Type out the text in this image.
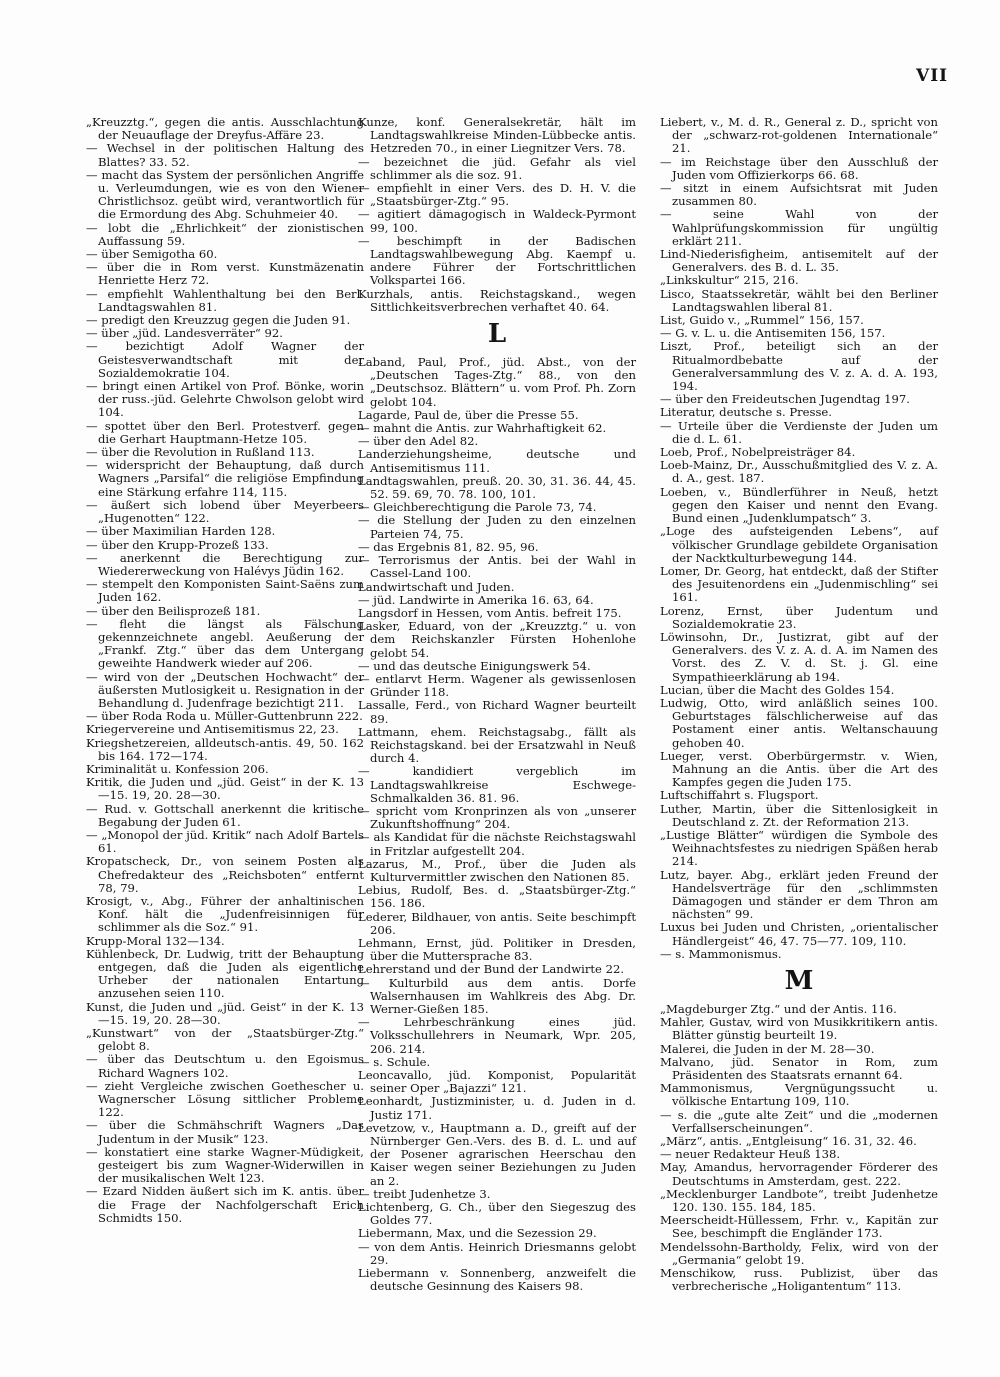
VII

„Kreuzztg.“, gegen die antis. Ausschlachtung der Neuauflage der Dreyfus-Affäre 23.

— Wechsel in der politischen Haltung des Blattes? 33. 52.

— macht das System der persönlichen Angriffe u. Verleumdungen, wie es von den Wiener Christlichsoz. geübt wird, verantwortlich für die Ermordung des Abg. Schuhmeier 40.

— lobt die „Ehrlichkeit“ der zionistischen Auffassung 59.

— über Semigotha 60.

— über die in Rom verst. Kunstmäzenatin Henriette Herz 72.

— empfiehlt Wahlenthaltung bei den Berl. Landtagswahlen 81.

— predigt den Kreuzzug gegen die Juden 91.

— über „jüd. Landesverräter“ 92.

— bezichtigt Adolf Wagner der Geistesverwandtschaft mit der Sozialdemokratie 104.

— bringt einen Artikel von Prof. Bönke, worin der russ.-jüd. Gelehrte Chwolson gelobt wird 104.

— spottet über den Berl. Protestverf. gegen die Gerhart Hauptmann-Hetze 105.

— über die Revolution in Rußland 113.

— widerspricht der Behauptung, daß durch Wagners „Parsifal“ die religiöse Empfindung eine Stärkung erfahre 114, 115.

— äußert sich lobend über Meyerbeers „Hugenotten“ 122.

— über Maximilian Harden 128.

— über den Krupp-Prozeß 133.

— anerkennt die Berechtigung zur Wiedererweckung von Halévys Jüdin 162.

— stempelt den Komponisten Saint-Saëns zum Juden 162.

— über den Beilisprozeß 181.

— fleht die längst als Fälschung gekennzeichnete angebl. Aeußerung der „Frankf. Ztg.“ über das dem Untergang geweihte Handwerk wieder auf 206.

— wird von der „Deutschen Hochwacht“ der äußersten Mutlosigkeit u. Resignation in der Behandlung d. Judenfrage bezichtigt 211.

— über Roda Roda u. Müller-Guttenbrunn 222.

Kriegervereine und Antisemitismus 22, 23.

Kriegshetzereien, alldeutsch-antis. 49, 50. 162 bis 164. 172—174.

Kriminalität u. Konfession 206.

Kritik, die Juden und „jüd. Geist“ in der K. 13—15. 19, 20. 28—30.

— Rud. v. Gottschall anerkennt die kritische Begabung der Juden 61.

— „Monopol der jüd. Kritik“ nach Adolf Bartels 61.

Kropatscheck, Dr., von seinem Posten als Chefredakteur des „Reichsboten“ entfernt 78, 79.

Krosigt, v., Abg., Führer der anhaltinischen Konf. hält die „Judenfreisinnigen für schlimmer als die Soz.“ 91.

Krupp-Moral 132—134.

Kühlenbeck, Dr. Ludwig, tritt der Behauptung entgegen, daß die Juden als eigentliche Urheber der nationalen Entartung anzusehen seien 110.

Kunst, die Juden und „jüd. Geist“ in der K. 13—15. 19, 20. 28—30.

„Kunstwart“ von der „Staatsbürger-Ztg.“ gelobt 8.

— über das Deutschtum u. den Egoismus Richard Wagners 102.

— zieht Vergleiche zwischen Goethescher u. Wagnerscher Lösung sittlicher Probleme 122.

— über die Schmähschrift Wagners „Das Judentum in der Musik“ 123.

— konstatiert eine starke Wagner-Müdigkeit, gesteigert bis zum Wagner-Widerwillen in der musikalischen Welt 123.

— Ezard Nidden äußert sich im K. antis. über die Frage der Nachfolgerschaft Erich Schmidts 150.

Kunze, konf. Generalsekretär, hält im Landtagswahlkreise Minden-Lübbecke antis. Hetzreden 70., in einer Liegnitzer Vers. 78.

— bezeichnet die jüd. Gefahr als viel schlimmer als die soz. 91.

— empfiehlt in einer Vers. des D. H. V. die „Staatsbürger-Ztg.“ 95.

— agitiert dämagogisch in Waldeck-Pyrmont 99, 100.

— beschimpft in der Badischen Landtagswahlbewegung Abg. Kaempf u. andere Führer der Fortschrittlichen Volkspartei 166.

Kurzhals, antis. Reichstagskand., wegen Sittlichkeitsverbrechen verhaftet 40. 64.

L

Laband, Paul, Prof., jüd. Abst., von der „Deutschen Tages-Ztg.“ 88., von den „Deutschsoz. Blättern“ u. vom Prof. Ph. Zorn gelobt 104.

Lagarde, Paul de, über die Presse 55.

— mahnt die Antis. zur Wahrhaftigkeit 62.

— über den Adel 82.

Landerziehungsheime, deutsche und Antisemitismus 111.

Landtagswahlen, preuß. 20. 30, 31. 36. 44, 45. 52. 59. 69, 70. 78. 100, 101.

— Gleichberechtigung die Parole 73, 74.

— die Stellung der Juden zu den einzelnen Parteien 74, 75.

— das Ergebnis 81, 82. 95, 96.

— Terrorismus der Antis. bei der Wahl in Cassel-Land 100.

Landwirtschaft und Juden.

— jüd. Landwirte in Amerika 16. 63, 64.

Langsdorf in Hessen, vom Antis. befreit 175.

Lasker, Eduard, von der „Kreuzztg.“ u. von dem Reichskanzler Fürsten Hohenlohe gelobt 54.

— und das deutsche Einigungswerk 54.

— entlarvt Herm. Wagener als gewissenlosen Gründer 118.

Lassalle, Ferd., von Richard Wagner beurteilt 89.

Lattmann, ehem. Reichstagsabg., fällt als Reichstagskand. bei der Ersatzwahl in Neuß durch 4.

— kandidiert vergeblich im Landtagswahlkreise Eschwege-Schmalkalden 36. 81. 96.

— spricht vom Kronprinzen als von „unserer Zukunftshoffnung“ 204.

— als Kandidat für die nächste Reichstagswahl in Fritzlar aufgestellt 204.

Lazarus, M., Prof., über die Juden als Kulturvermittler zwischen den Nationen 85.

Lebius, Rudolf, Bes. d. „Staatsbürger-Ztg.“ 156. 186.

Lederer, Bildhauer, von antis. Seite beschimpft 206.

Lehmann, Ernst, jüd. Politiker in Dresden, über die Muttersprache 83.

Lehrerstand und der Bund der Landwirte 22.

— Kulturbild aus dem antis. Dorfe Walsernhausen im Wahlkreis des Abg. Dr. Werner-Gießen 185.

— Lehrbeschränkung eines jüd. Volksschullehrers in Neumark, Wpr. 205, 206. 214.

— s. Schule.

Leoncavallo, jüd. Komponist, Popularität seiner Oper „Bajazzi“ 121.

Leonhardt, Justizminister, u. d. Juden in d. Justiz 171.

Levetzow, v., Hauptmann a. D., greift auf der Nürnberger Gen.-Vers. des B. d. L. und auf der Posener agrarischen Heerschau den Kaiser wegen seiner Beziehungen zu Juden an 2.

— treibt Judenhetze 3.

Lichtenberg, G. Ch., über den Siegeszug des Goldes 77.

Liebermann, Max, und die Sezession 29.

— von dem Antis. Heinrich Driesmanns gelobt 29.

Liebermann v. Sonnenberg, anzweifelt die deutsche Gesinnung des Kaisers 98.

Liebert, v., M. d. R., General z. D., spricht von der „schwarz-rot-goldenen Internationale“ 21.

— im Reichstage über den Ausschluß der Juden vom Offizierkorps 66. 68.

— sitzt in einem Aufsichtsrat mit Juden zusammen 80.

— seine Wahl von der Wahlprüfungskommission für ungültig erklärt 211.

Lind-Niederisfigheim, antisemitelt auf der Generalvers. des B. d. L. 35.

„Linkskultur“ 215, 216.

Lisco, Staatssekretär, wählt bei den Berliner Landtagswahlen liberal 81.

List, Guido v., „Rummel“ 156, 157.

— G. v. L. u. die Antisemiten 156, 157.

Liszt, Prof., beteiligt sich an der Ritualmordbebatte auf der Generalversammlung des V. z. A. d. A. 193, 194.

— über den Freideutschen Jugendtag 197.

Literatur, deutsche s. Presse.

— Urteile über die Verdienste der Juden um die d. L. 61.

Loeb, Prof., Nobelpreisträger 84.

Loeb-Mainz, Dr., Ausschußmitglied des V. z. A. d. A., gest. 187.

Loeben, v., Bündlerführer in Neuß, hetzt gegen den Kaiser und nennt den Evang. Bund einen „Judenklumpatsch“ 3.

„Loge des aufsteigenden Lebens“, auf völkischer Grundlage gebildete Organisation der Nacktkulturbewegung 144.

Lomer, Dr. Georg, hat entdeckt, daß der Stifter des Jesuitenordens ein „Judenmischling“ sei 161.

Lorenz, Ernst, über Judentum und Sozialdemokratie 23.

Löwinsohn, Dr., Justizrat, gibt auf der Generalvers. des V. z. A. d. A. im Namen des Vorst. des Z. V. d. St. j. Gl. eine Sympathieerklärung ab 194.

Lucian, über die Macht des Goldes 154.

Ludwig, Otto, wird anläßlich seines 100. Geburtstages fälschlicherweise auf das Postament einer antis. Weltanschauung gehoben 40.

Lueger, verst. Oberbürgermstr. v. Wien, Mahnung an die Antis. über die Art des Kampfes gegen die Juden 175.

Luftschiffahrt s. Flugsport.

Luther, Martin, über die Sittenlosigkeit in Deutschland z. Zt. der Reformation 213.

„Lustige Blätter“ würdigen die Symbole des Weihnachtsfestes zu niedrigen Späßen herab 214.

Lutz, bayer. Abg., erklärt jeden Freund der Handelsverträge für den „schlimmsten Dämagogen und ständer er dem Thron am nächsten“ 99.

Luxus bei Juden und Christen, „orientalischer Händlergeist“ 46, 47. 75—77. 109, 110.

— s. Mammonismus.

M

„Magdeburger Ztg.“ und der Antis. 116.

Mahler, Gustav, wird von Musikkritikern antis. Blätter günstig beurteilt 19.

Malerei, die Juden in der M. 28—30.

Malvano, jüd. Senator in Rom, zum Präsidenten des Staatsrats ernannt 64.

Mammonismus, Vergnügungssucht u. völkische Entartung 109, 110.

— s. die „gute alte Zeit“ und die „modernen Verfallserscheinungen“.

„März“, antis. „Entgleisung“ 16. 31, 32. 46.

— neuer Redakteur Heuß 138.

May, Amandus, hervorragender Förderer des Deutschtums in Amsterdam, gest. 222.

„Mecklenburger Landbote“, treibt Judenhetze 120. 130. 155. 184, 185.

Meerscheidt-Hüllessem, Frhr. v., Kapitän zur See, beschimpft die Engländer 173.

Mendelssohn-Bartholdy, Felix, wird von der „Germania“ gelobt 19.

Menschikow, russ. Publizist, über das verbrecherische „Holigantentum“ 113.
